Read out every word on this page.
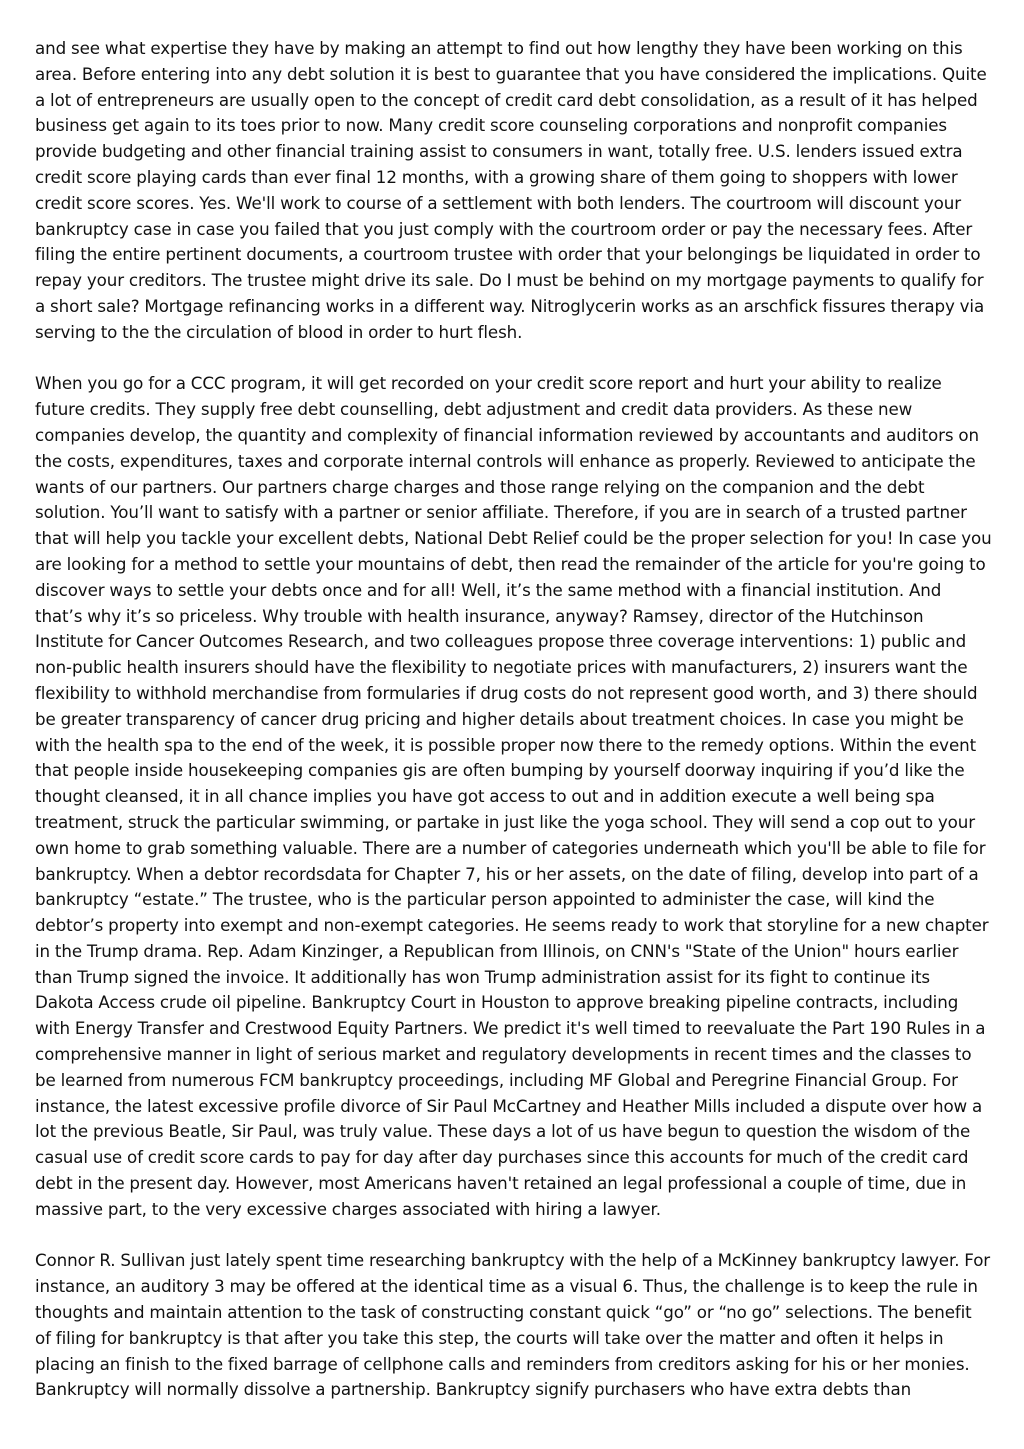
and see what expertise they have by making an attempt to find out how lengthy they have been working on this area. Before entering into any debt solution it is best to guarantee that you have considered the implications. Quite a lot of entrepreneurs are usually open to the concept of credit card debt consolidation, as a result of it has helped business get again to its toes prior to now. Many credit score counseling corporations and nonprofit companies provide budgeting and other financial training assist to consumers in want, totally free. U.S. lenders issued extra credit score playing cards than ever final 12 months, with a growing share of them going to shoppers with lower credit score scores. Yes. We'll work to course of a settlement with both lenders. The courtroom will discount your bankruptcy case in case you failed that you just comply with the courtroom order or pay the necessary fees. After filing the entire pertinent documents, a courtroom trustee with order that your belongings be liquidated in order to repay your creditors. The trustee might drive its sale. Do I must be behind on my mortgage payments to qualify for a short sale? Mortgage refinancing works in a different way. Nitroglycerin works as an arschfick fissures therapy via serving to the the circulation of blood in order to hurt flesh.

When you go for a CCC program, it will get recorded on your credit score report and hurt your ability to realize future credits. They supply free debt counselling, debt adjustment and credit data providers. As these new companies develop, the quantity and complexity of financial information reviewed by accountants and auditors on the costs, expenditures, taxes and corporate internal controls will enhance as properly. Reviewed to anticipate the wants of our partners. Our partners charge charges and those range relying on the companion and the debt solution. You’ll want to satisfy with a partner or senior affiliate. Therefore, if you are in search of a trusted partner that will help you tackle your excellent debts, National Debt Relief could be the proper selection for you! In case you are looking for a method to settle your mountains of debt, then read the remainder of the article for you're going to discover ways to settle your debts once and for all! Well, it’s the same method with a financial institution. And that’s why it’s so priceless. Why trouble with health insurance, anyway? Ramsey, director of the Hutchinson Institute for Cancer Outcomes Research, and two colleagues propose three coverage interventions: 1) public and non-public health insurers should have the flexibility to negotiate prices with manufacturers, 2) insurers want the flexibility to withhold merchandise from formularies if drug costs do not represent good worth, and 3) there should be greater transparency of cancer drug pricing and higher details about treatment choices. In case you might be with the health spa to the end of the week, it is possible proper now there to the remedy options. Within the event that people inside housekeeping companies gis are often bumping by yourself doorway inquiring if you’d like the thought cleansed, it in all chance implies you have got access to out and in addition execute a well being spa treatment, struck the particular swimming, or partake in just like the yoga school. They will send a cop out to your own home to grab something valuable. There are a number of categories underneath which you'll be able to file for bankruptcy. When a debtor recordsdata for Chapter 7, his or her assets, on the date of filing, develop into part of a bankruptcy “estate.” The trustee, who is the particular person appointed to administer the case, will kind the debtor’s property into exempt and non-exempt categories. He seems ready to work that storyline for a new chapter in the Trump drama. Rep. Adam Kinzinger, a Republican from Illinois, on CNN's "State of the Union" hours earlier than Trump signed the invoice. It additionally has won Trump administration assist for its fight to continue its Dakota Access crude oil pipeline. Bankruptcy Court in Houston to approve breaking pipeline contracts, including with Energy Transfer and Crestwood Equity Partners. We predict it's well timed to reevaluate the Part 190 Rules in a comprehensive manner in light of serious market and regulatory developments in recent times and the classes to be learned from numerous FCM bankruptcy proceedings, including MF Global and Peregrine Financial Group. For instance, the latest excessive profile divorce of Sir Paul McCartney and Heather Mills included a dispute over how a lot the previous Beatle, Sir Paul, was truly value. These days a lot of us have begun to question the wisdom of the casual use of credit score cards to pay for day after day purchases since this accounts for much of the credit card debt in the present day. However, most Americans haven't retained an legal professional a couple of time, due in massive part, to the very excessive charges associated with hiring a lawyer.

Connor R. Sullivan just lately spent time researching bankruptcy with the help of a McKinney bankruptcy lawyer. For instance, an auditory 3 may be offered at the identical time as a visual 6. Thus, the challenge is to keep the rule in thoughts and maintain attention to the task of constructing constant quick “go” or “no go” selections. The benefit of filing for bankruptcy is that after you take this step, the courts will take over the matter and often it helps in placing an finish to the fixed barrage of cellphone calls and reminders from creditors asking for his or her monies. Bankruptcy will normally dissolve a partnership. Bankruptcy signify purchasers who have extra debts than
